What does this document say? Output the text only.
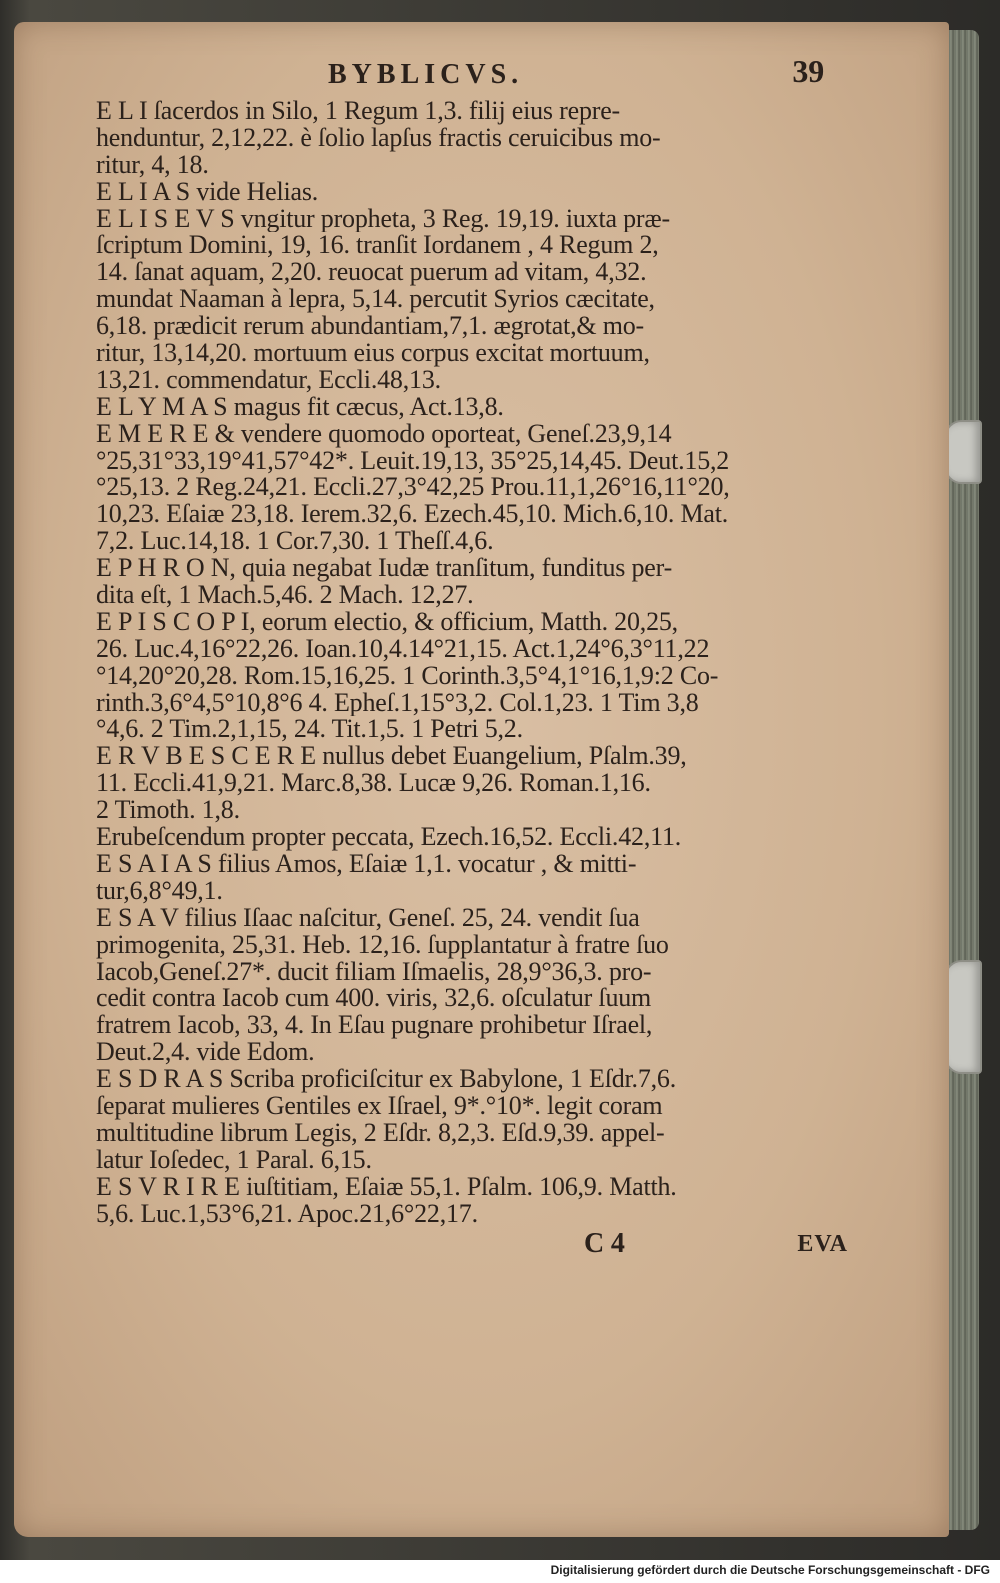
BYBLICVS.	39
E L I ſacerdos in Silo, 1 Regum 1,3. filij eius repre-
henduntur, 2,12,22. è ſolio lapſus fractis ceruicibus mo-
ritur, 4, 18.
E L I A S vide Helias.
E L I S E V S vngitur propheta, 3 Reg. 19,19. iuxta præ-
ſcriptum Domini, 19, 16. tranſit Iordanem , 4 Regum 2,
14. ſanat aquam, 2,20. reuocat puerum ad vitam, 4,32.
mundat Naaman à lepra, 5,14. percutit Syrios cæcitate,
6,18. prædicit rerum abundantiam,7,1. ægrotat,& mo-
ritur, 13,14,20. mortuum eius corpus excitat mortuum,
13,21. commendatur, Eccli.48,13.
E L Y M A S magus fit cæcus, Act.13,8.
E M E R E & vendere quomodo oporteat, Geneſ.23,9,14
°25,31°33,19°41,57°42*. Leuit.19,13, 35°25,14,45. Deut.15,2
°25,13. 2 Reg.24,21. Eccli.27,3°42,25 Prou.11,1,26°16,11°20,
10,23. Eſaiæ 23,18. Ierem.32,6. Ezech.45,10. Mich.6,10. Mat.
7,2. Luc.14,18. 1 Cor.7,30. 1 Theſſ.4,6.
E P H R O N, quia negabat Iudæ tranſitum, funditus per-
dita eſt, 1 Mach.5,46. 2 Mach. 12,27.
E P I S C O P I, eorum electio, & officium, Matth. 20,25,
26. Luc.4,16°22,26. Ioan.10,4.14°21,15. Act.1,24°6,3°11,22
°14,20°20,28. Rom.15,16,25. 1 Corinth.3,5°4,1°16,1,9:2 Co-
rinth.3,6°4,5°10,8°6 4. Epheſ.1,15°3,2. Col.1,23. 1 Tim 3,8
°4,6. 2 Tim.2,1,15, 24. Tit.1,5. 1 Petri 5,2.
E R V B E S C E R E nullus debet Euangelium, Pſalm.39,
11. Eccli.41,9,21. Marc.8,38. Lucæ 9,26. Roman.1,16.
2 Timoth. 1,8.
Erubeſcendum propter peccata, Ezech.16,52. Eccli.42,11.
E S A I A S filius Amos, Eſaiæ 1,1. vocatur , & mitti-
tur,6,8°49,1.
E S A V filius Iſaac naſcitur, Geneſ. 25, 24. vendit ſua
primogenita, 25,31. Heb. 12,16. ſupplantatur à fratre ſuo
Iacob,Geneſ.27*. ducit filiam Iſmaelis, 28,9°36,3. pro-
cedit contra Iacob cum 400. viris, 32,6. oſculatur ſuum
fratrem Iacob, 33, 4. In Eſau pugnare prohibetur Iſrael,
Deut.2,4. vide Edom.
E S D R A S Scriba proficiſcitur ex Babylone, 1 Eſdr.7,6.
ſeparat mulieres Gentiles ex Iſrael, 9*.°10*. legit coram
multitudine librum Legis, 2 Eſdr. 8,2,3. Eſd.9,39. appel-
latur Ioſedec, 1 Paral. 6,15.
E S V R I R E iuſtitiam, Eſaiæ 55,1. Pſalm. 106,9. Matth.
5,6. Luc.1,53°6,21. Apoc.21,6°22,17.
C 4	EVA
Digitalisierung gefördert durch die Deutsche Forschungsgemeinschaft - DFG
